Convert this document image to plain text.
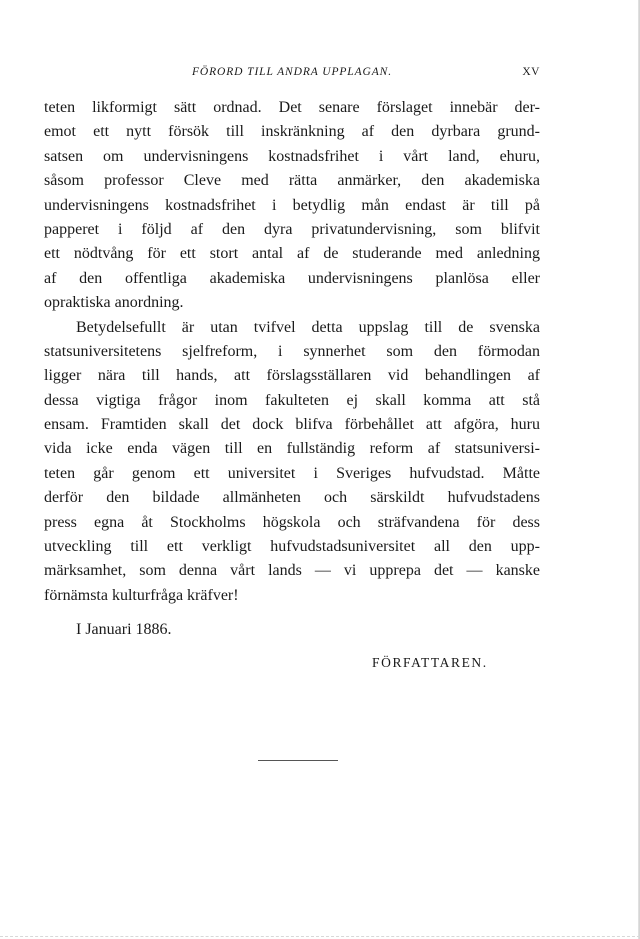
FÖRORD TILL ANDRA UPPLAGAN.	XV
teten likformigt sätt ordnad. Det senare förslaget innebär der-
emot ett nytt försök till inskränkning af den dyrbara grund-
satsen om undervisningens kostnadsfrihet i vårt land, ehuru,
såsom professor Cleve med rätta anmärker, den akademiska
undervisningens kostnadsfrihet i betydlig mån endast är till på
papperet i följd af den dyra privatundervisning, som blifvit
ett nödtvång för ett stort antal af de studerande med anledning
af den offentliga akademiska undervisningens planlösa eller
opraktiska anordning.
Betydelsefullt är utan tvifvel detta uppslag till de svenska
statsuniversitetens sjelfreform, i synnerhet som den förmodan
ligger nära till hands, att förslagsställaren vid behandlingen af
dessa vigtiga frågor inom fakulteten ej skall komma att stå
ensam. Framtiden skall det dock blifva förbehållet att afgöra, huru
vida icke enda vägen till en fullständig reform af statsuniversi-
teten går genom ett universitet i Sveriges hufvudstad. Måtte
derför den bildade allmänheten och särskildt hufvudstadens
press egna åt Stockholms högskola och sträfvandena för dess
utveckling till ett verkligt hufvudstadsuniversitet all den upp-
märksamhet, som denna vårt lands — vi upprepa det — kanske
förnämsta kulturfråga kräfver!
I Januari 1886.
FÖRFATTAREN.
